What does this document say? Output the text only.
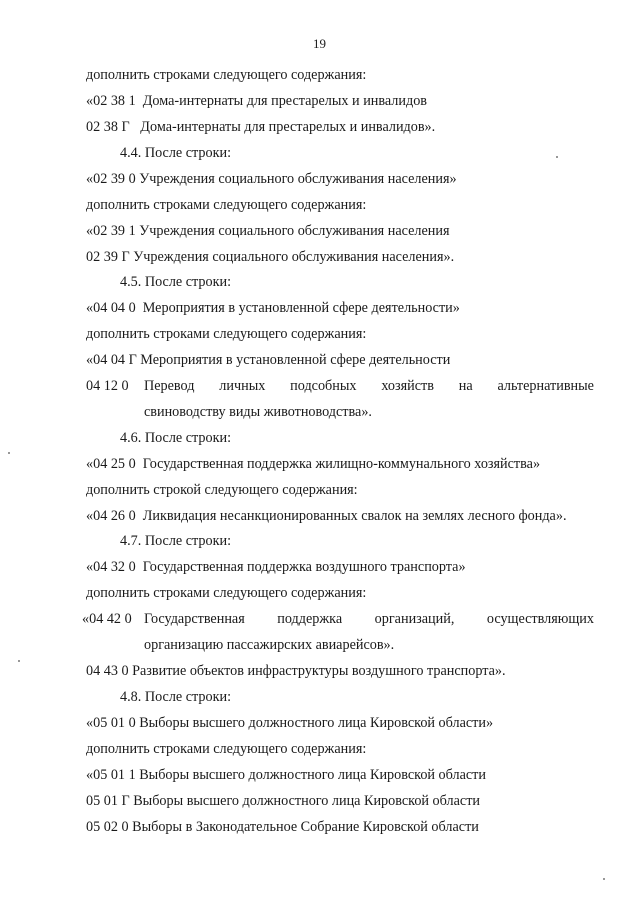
19
дополнить строками следующего содержания:
«02 38 1  Дома-интернаты для престарелых и инвалидов
02 38 Г   Дома-интернаты для престарелых и инвалидов».
4.4. После строки:
«02 39 0 Учреждения социального обслуживания населения»
дополнить строками следующего содержания:
«02 39 1 Учреждения социального обслуживания населения
02 39 Г Учреждения социального обслуживания населения».
4.5. После строки:
«04 04 0  Мероприятия в установленной сфере деятельности»
дополнить строками следующего содержания:
«04 04 Г Мероприятия в установленной сфере деятельности
04 12 0 Перевод личных подсобных хозяйств на альтернативные
свиноводству виды животноводства».
4.6. После строки:
«04 25 0  Государственная поддержка жилищно-коммунального хозяйства»
дополнить строкой следующего содержания:
«04 26 0  Ликвидация несанкционированных свалок на землях лесного фонда».
4.7. После строки:
«04 32 0  Государственная поддержка воздушного транспорта»
дополнить строками следующего содержания:
«04 42 0 Государственная поддержка организаций, осуществляющих
организацию пассажирских авиарейсов».
04 43 0 Развитие объектов инфраструктуры воздушного транспорта».
4.8. После строки:
«05 01 0 Выборы высшего должностного лица Кировской области»
дополнить строками следующего содержания:
«05 01 1 Выборы высшего должностного лица Кировской области
05 01 Г Выборы высшего должностного лица Кировской области
05 02 0 Выборы в Законодательное Собрание Кировской области
